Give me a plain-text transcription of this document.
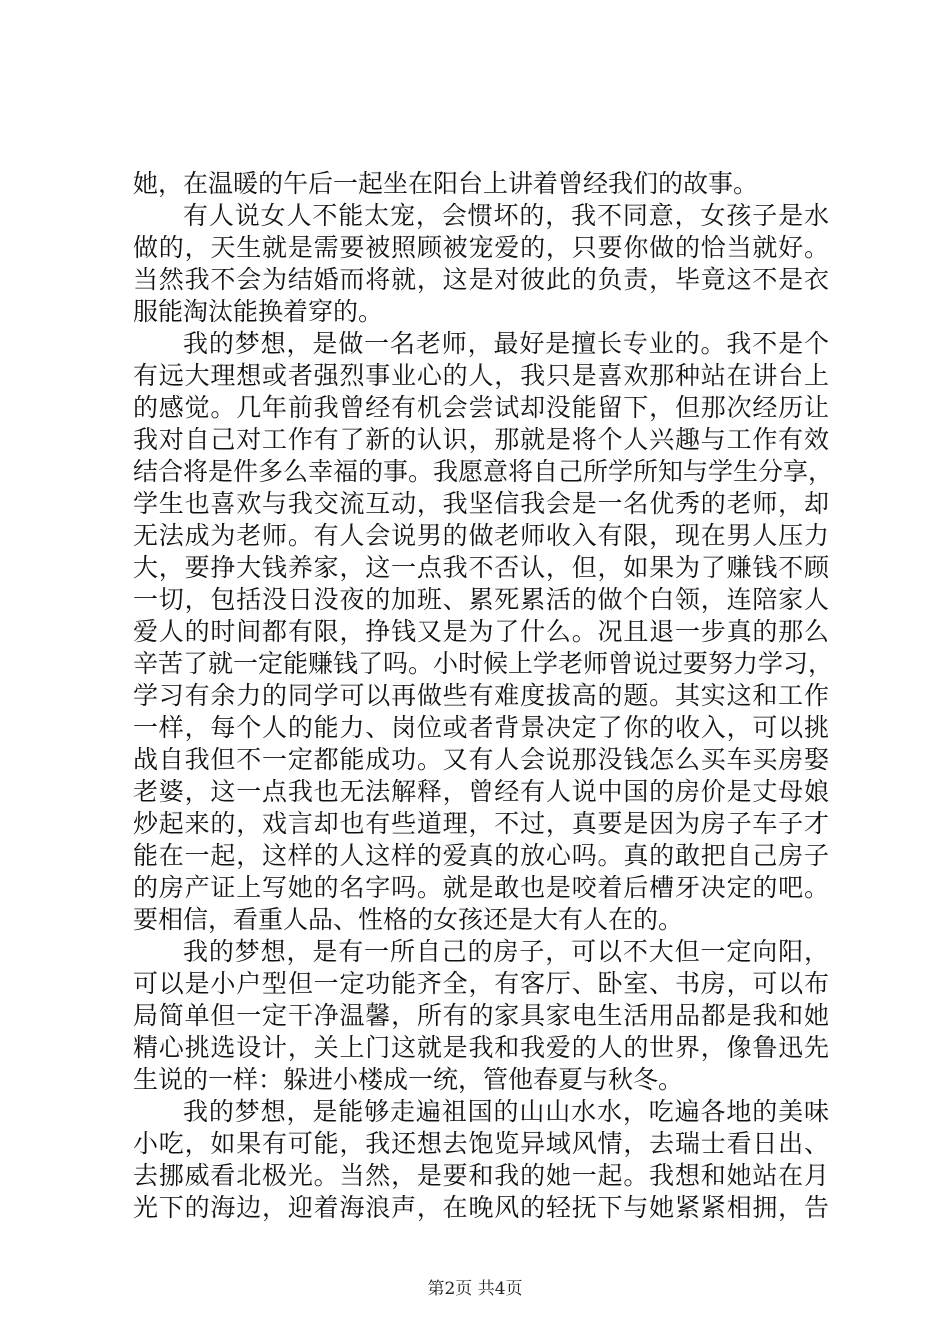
她，在温暖的午后一起坐在阳台上讲着曾经我们的故事。
有人说女人不能太宠，会惯坏的，我不同意，女孩子是水
做的，天生就是需要被照顾被宠爱的，只要你做的恰当就好。
当然我不会为结婚而将就，这是对彼此的负责，毕竟这不是衣
服能淘汰能换着穿的。
我的梦想，是做一名老师，最好是擅长专业的。我不是个
有远大理想或者强烈事业心的人，我只是喜欢那种站在讲台上
的感觉。几年前我曾经有机会尝试却没能留下，但那次经历让
我对自己对工作有了新的认识，那就是将个人兴趣与工作有效
结合将是件多么幸福的事。我愿意将自己所学所知与学生分享，
学生也喜欢与我交流互动，我坚信我会是一名优秀的老师，却
无法成为老师。有人会说男的做老师收入有限，现在男人压力
大，要挣大钱养家，这一点我不否认，但，如果为了赚钱不顾
一切，包括没日没夜的加班、累死累活的做个白领，连陪家人
爱人的时间都有限，挣钱又是为了什么。况且退一步真的那么
辛苦了就一定能赚钱了吗。小时候上学老师曾说过要努力学习，
学习有余力的同学可以再做些有难度拔高的题。其实这和工作
一样，每个人的能力、岗位或者背景决定了你的收入，可以挑
战自我但不一定都能成功。又有人会说那没钱怎么买车买房娶
老婆，这一点我也无法解释，曾经有人说中国的房价是丈母娘
炒起来的，戏言却也有些道理，不过，真要是因为房子车子才
能在一起，这样的人这样的爱真的放心吗。真的敢把自己房子
的房产证上写她的名字吗。就是敢也是咬着后槽牙决定的吧。
要相信，看重人品、性格的女孩还是大有人在的。
我的梦想，是有一所自己的房子，可以不大但一定向阳，
可以是小户型但一定功能齐全，有客厅、卧室、书房，可以布
局简单但一定干净温馨，所有的家具家电生活用品都是我和她
精心挑选设计，关上门这就是我和我爱的人的世界，像鲁迅先
生说的一样：躲进小楼成一统，管他春夏与秋冬。
我的梦想，是能够走遍祖国的山山水水，吃遍各地的美味
小吃，如果有可能，我还想去饱览异域风情，去瑞士看日出、
去挪威看北极光。当然，是要和我的她一起。我想和她站在月
光下的海边，迎着海浪声，在晚风的轻抚下与她紧紧相拥，告
第2页 共4页
